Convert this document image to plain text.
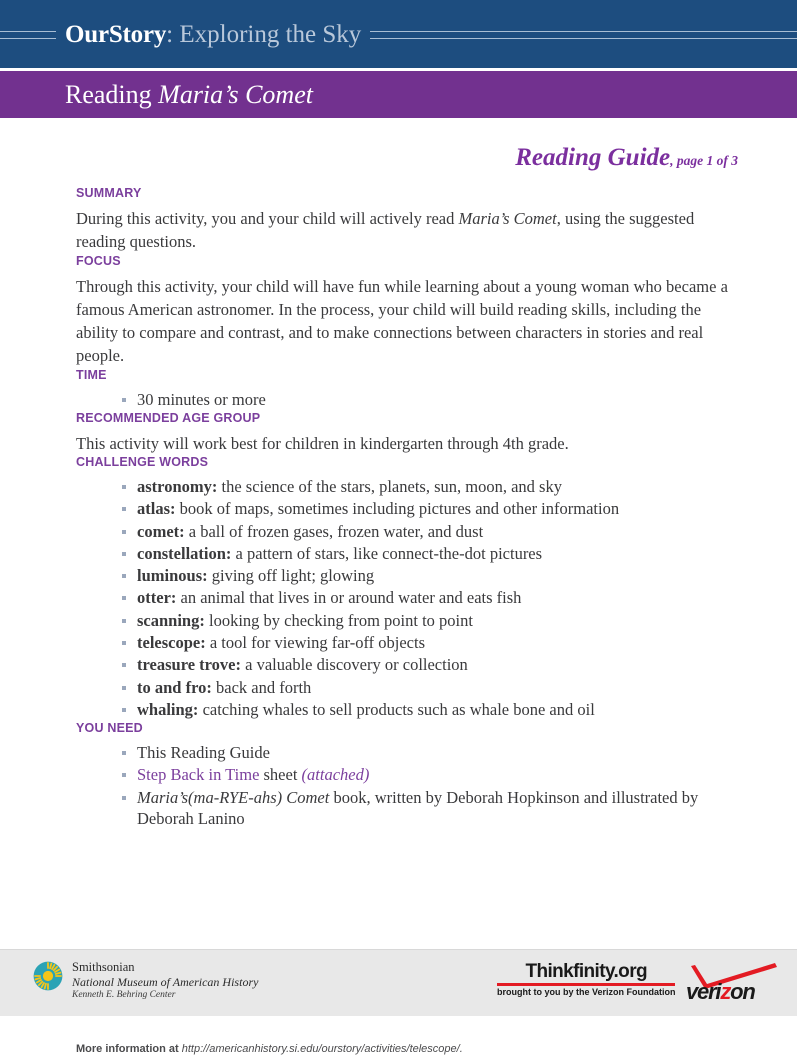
OurStory: Exploring the Sky
Reading Maria’s Comet
Reading Guide, page 1 of 3
SUMMARY

During this activity, you and your child will actively read Maria’s Comet, using the suggested reading questions.

FOCUS

Through this activity, your child will have fun while learning about a young woman who became a famous American astronomer. In the process, your child will build reading skills, including the ability to compare and contrast, and to make connections between characters in stories and real people.

TIME
30 minutes or more
RECOMMENDED AGE GROUP

This activity will work best for children in kindergarten through 4th grade.

CHALLENGE WORDS
astronomy: the science of the stars, planets, sun, moon, and sky
atlas: book of maps, sometimes including pictures and other information
comet: a ball of frozen gases, frozen water, and dust
constellation: a pattern of stars, like connect-the-dot pictures
luminous: giving off light; glowing
otter: an animal that lives in or around water and eats fish
scanning: looking by checking from point to point
telescope: a tool for viewing far-off objects
treasure trove: a valuable discovery or collection
to and fro: back and forth
whaling: catching whales to sell products such as whale bone and oil
YOU NEED
This Reading Guide
Step Back in Time sheet (attached)
Maria’s(ma-RYE-ahs) Comet book, written by Deborah Hopkinson and illustrated by Deborah Lanino
More information at http://americanhistory.si.edu/ourstory/activities/telescope/.
Smithsonian
National Museum of American History
Kenneth E. Behring Center
Thinkfinity.org
brought to you by the Verizon Foundation verizon
